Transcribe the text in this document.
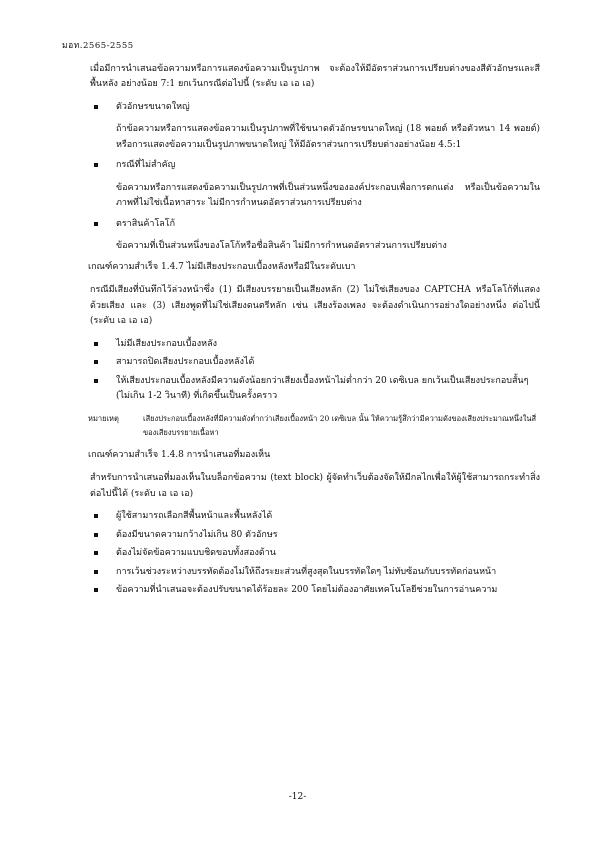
มอท.2565-2555

เมื่อมีการนำเสนอข้อความหรือการแสดงข้อความเป็นรูปภาพ จะต้องให้มีอัตราส่วนการเปรียบต่างของสีตัวอักษรและสีพื้นหลัง อย่างน้อย 7:1 ยกเว้นกรณีต่อไปนี้ (ระดับ เอ เอ เอ)

ตัวอักษรขนาดใหญ่
ถ้าข้อความหรือการแสดงข้อความเป็นรูปภาพที่ใช้ขนาดตัวอักษรขนาดใหญ่ (18 พอยต์ หรือตัวหนา 14 พอยต์) หรือการแสดงข้อความเป็นรูปภาพขนาดใหญ่ ให้มีอัตราส่วนการเปรียบต่างอย่างน้อย 4.5:1
กรณีที่ไม่สำคัญ
ข้อความหรือการแสดงข้อความเป็นรูปภาพที่เป็นส่วนหนึ่งขององค์ประกอบเพื่อการตกแต่ง หรือเป็นข้อความในภาพที่ไม่ใช่เนื้อหาสาระ ไม่มีการกำหนดอัตราส่วนการเปรียบต่าง
ตราสินค้าโลโก้
ข้อความที่เป็นส่วนหนึ่งของโลโก้หรือชื่อสินค้า ไม่มีการกำหนดอัตราส่วนการเปรียบต่าง
เกณฑ์ความสำเร็จ 1.4.7 ไม่มีเสียงประกอบเบื้องหลังหรือมีในระดับเบา

กรณีมีเสียงที่บันทึกไว้ล่วงหน้าซึ่ง (1) มีเสียงบรรยายเป็นเสียงหลัก (2) ไม่ใช่เสียงของ CAPTCHA หรือโลโก้ที่แสดงด้วยเสียง และ (3) เสียงพูดที่ไม่ใช่เสียงดนตรีหลัก เช่น เสียงร้องเพลง จะต้องดำเนินการอย่างใดอย่างหนึ่ง ต่อไปนี้ (ระดับ เอ เอ เอ)

ไม่มีเสียงประกอบเบื้องหลัง
สามารถปิดเสียงประกอบเบื้องหลังได้
ให้เสียงประกอบเบื้องหลังมีความดังน้อยกว่าเสียงเบื้องหน้าไม่ต่ำกว่า 20 เดซิเบล ยกเว้นเป็นเสียงประกอบสั้นๆ (ไม่เกิน 1-2 วินาที) ที่เกิดขึ้นเป็นครั้งคราว
หมายเหตุ	เสียงประกอบเบื้องหลังที่มีความดังต่ำกว่าเสียงเบื้องหน้า 20 เดซิเบล นั้น ให้ความรู้สึกว่ามีความดังของเสียงประมาณหนึ่งในสี่ของเสียงบรรยายเนื้อหา
เกณฑ์ความสำเร็จ 1.4.8 การนำเสนอที่มองเห็น

สำหรับการนำเสนอที่มองเห็นในบล็อกข้อความ (text block) ผู้จัดทำเว็บต้องจัดให้มีกลไกเพื่อให้ผู้ใช้สามารถกระทำสิ่งต่อไปนี้ได้ (ระดับ เอ เอ เอ)

ผู้ใช้สามารถเลือกสีพื้นหน้าและพื้นหลังได้
ต้องมีขนาดความกว้างไม่เกิน 80 ตัวอักษร
ต้องไม่จัดข้อความแบบชิดขอบทั้งสองด้าน
การเว้นช่วงระหว่างบรรทัดต้องไม่ให้ถึงระยะส่วนที่สูงสุดในบรรทัดใดๆ ไม่ทับซ้อนกับบรรทัดก่อนหน้า
ข้อความที่นำเสนอจะต้องปรับขนาดได้ร้อยละ 200 โดยไม่ต้องอาศัยเทคโนโลยีช่วยในการอ่านความ
-12-
